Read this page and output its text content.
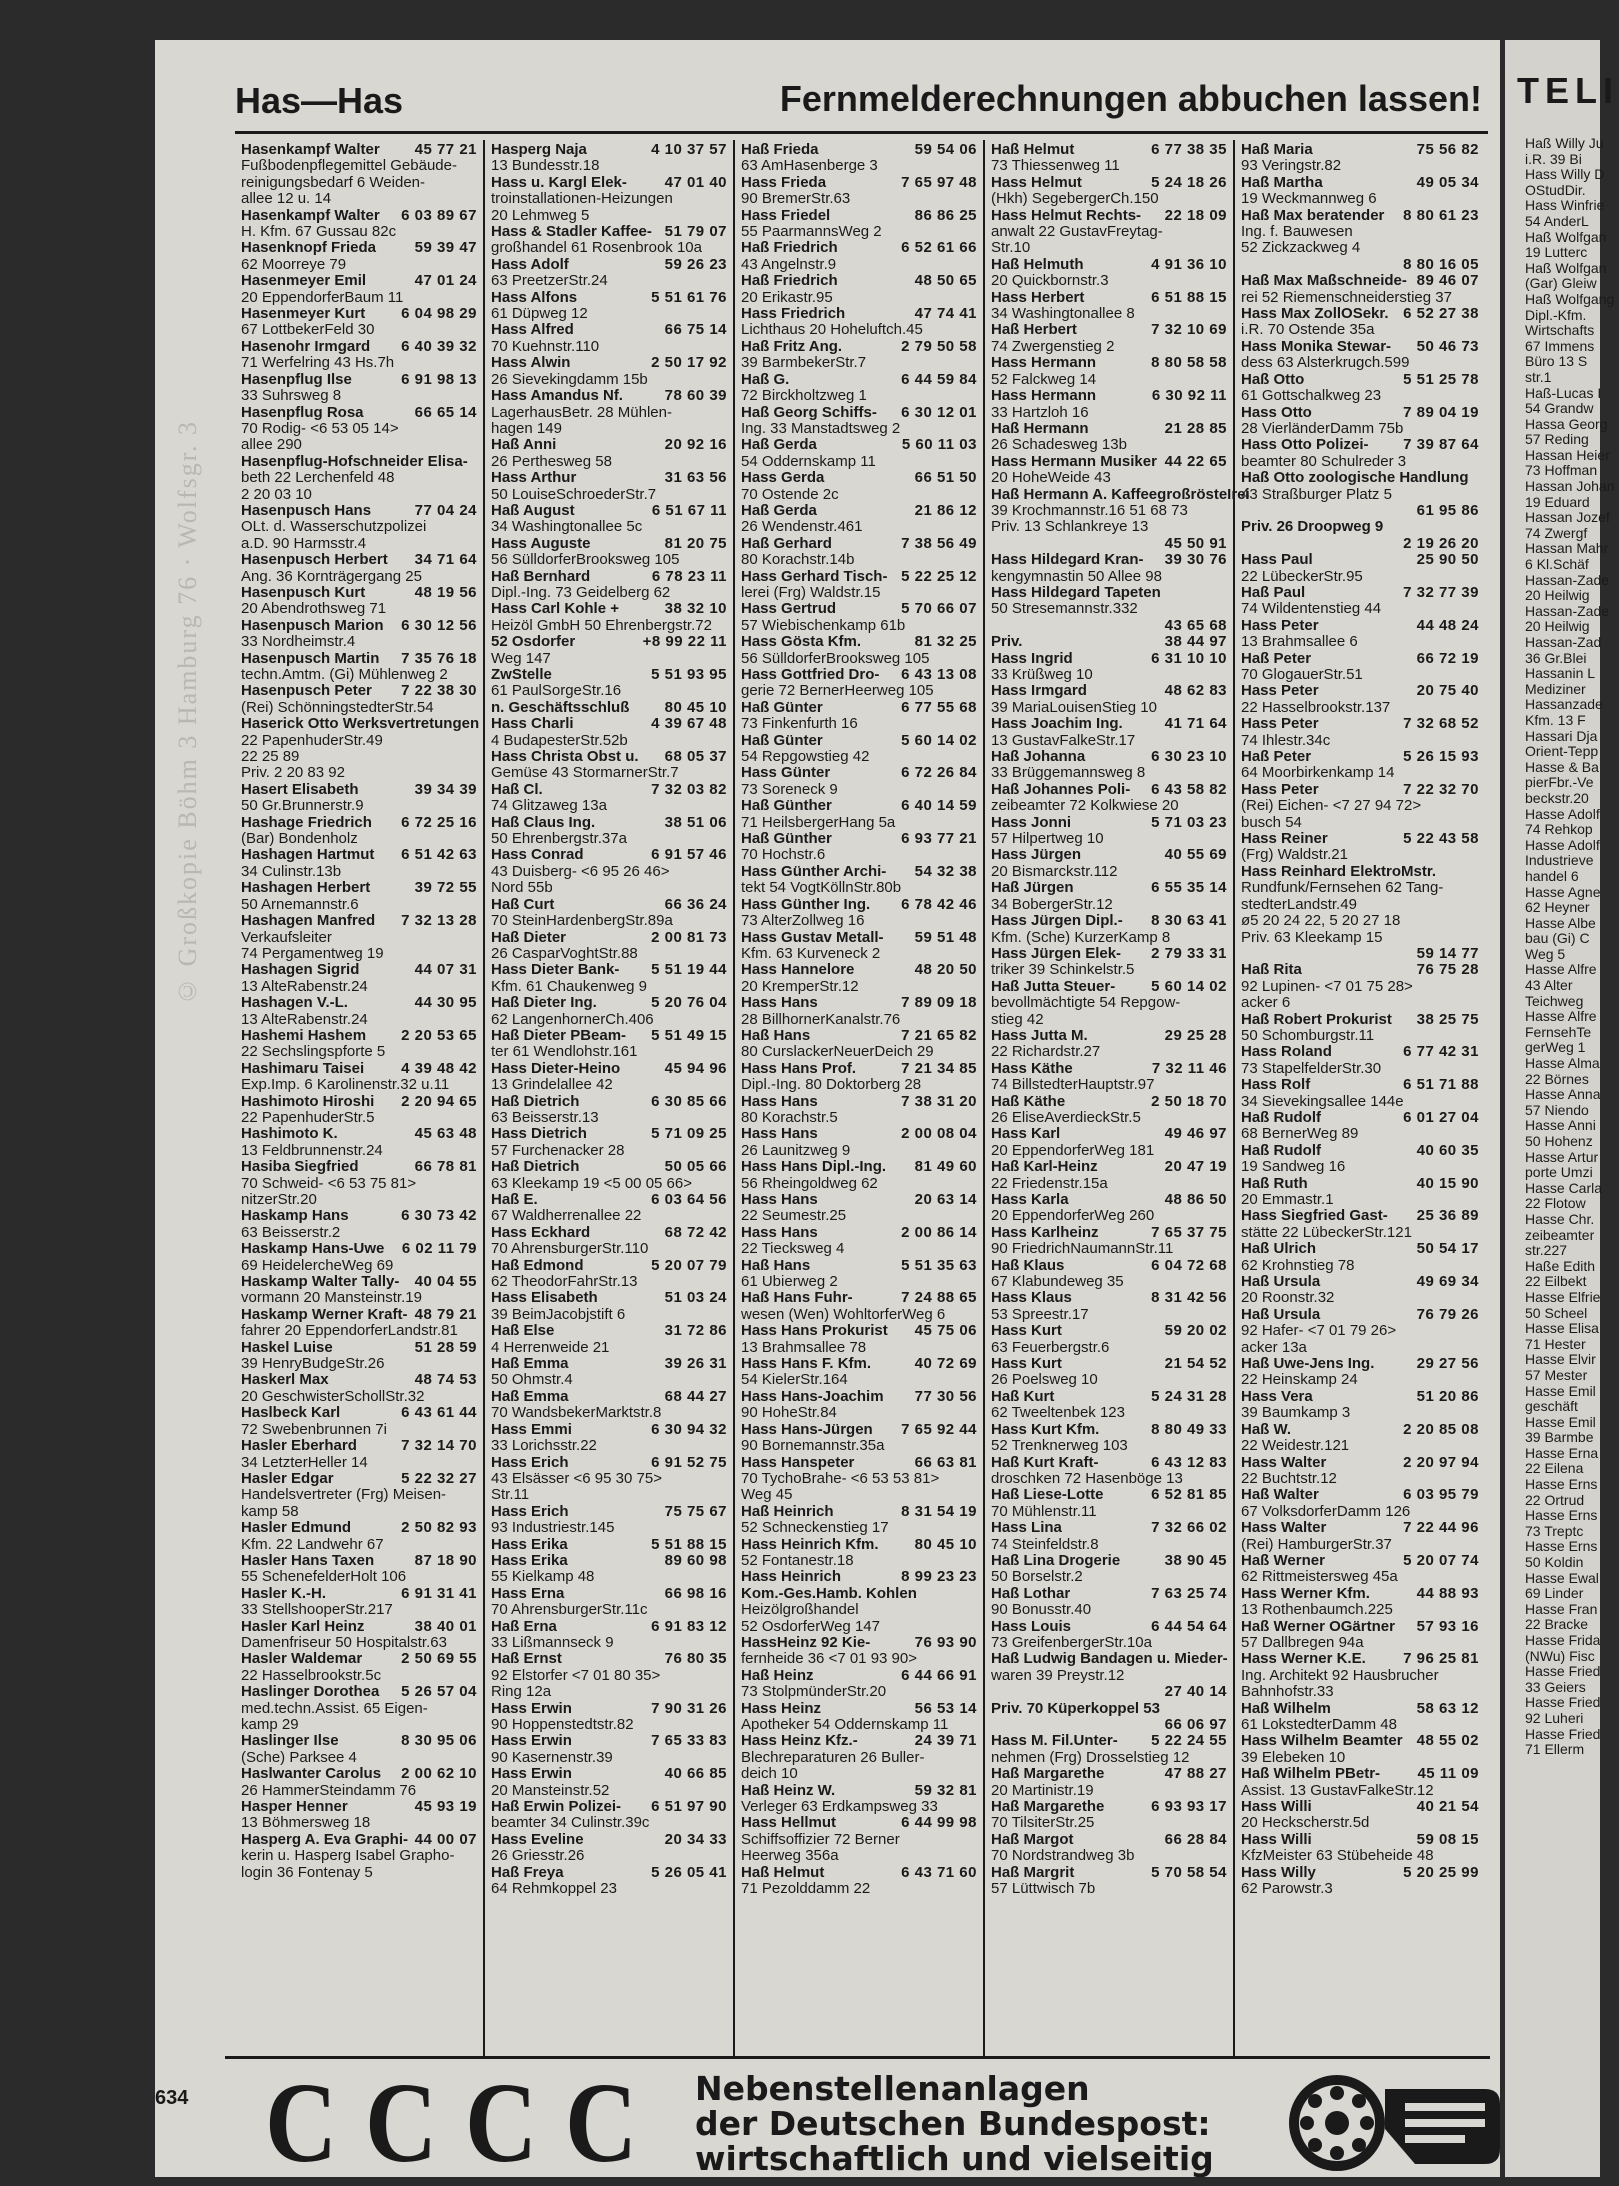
© Großkopie Böhm 3 Hamburg 76 · Wolfsgr. 3
Has—Has	Fernmelderechnungen abbuchen lassen!
Hasenkampf Walter 45 77 21
Fußbodenpflegemittel Gebäude-
reinigungsbedarf 6 Weiden-
allee 12 u. 14
Hasenkampf Walter 6 03 89 67
H. Kfm. 67 Gussau 82c
Hasenknopf Frieda	59 39 47
62 Moorreye 79
Hasenmeyer Emil	47 01 24
20 EppendorferBaum 11
Hasenmeyer Kurt 6 04 98 29
67 LottbekerFeld 30
Hasenohr Irmgard 6 40 39 32
71 Werfelring 43 Hs.7h
Hasenpflug Ilse	6 91 98 13
33 Suhrsweg 8
Hasenpflug Rosa	66 65 14
70 Rodig- <6 53 05 14>
allee 290
Hasenpflug-Hofschneider Elisa-
beth 22 Lerchenfeld 48
2 20 03 10
Hasenpusch Hans	77 04 24
OLt. d. Wasserschutzpolizei
a.D. 90 Harmsstr.4
Hasenpusch Herbert 34 71 64
Ang. 36 Kornträgergang 25
Hasenpusch Kurt	48 19 56
20 Abendrothsweg 71
Hasenpusch Marion 6 30 12 56
33 Nordheimstr.4
Hasenpusch Martin 7 35 76 18
techn.Amtm. (Gi) Mühlenweg 2
Hasenpusch Peter 7 22 38 30
(Rei) SchönningstedterStr.54
Haserick Otto Werksvertretungen
22 PapenhuderStr.49
22 25 89
Priv. 2 20 83 92
Hasert Elisabeth	39 34 39
50 Gr.Brunnerstr.9
Hashage Friedrich 6 72 25 16
(Bar) Bondenholz
Hashagen Hartmut 6 51 42 63
34 Culinstr.13b
Hashagen Herbert	39 72 55
50 Arnemannstr.6
Hashagen Manfred 7 32 13 28
Verkaufsleiter
74 Pergamentweg 19
Hashagen Sigrid	44 07 31
13 AlteRabenstr.24
Hashagen V.-L.	44 30 95
13 AlteRabenstr.24
Hashemi Hashem 2 20 53 65
22 Sechslingspforte 5
Hashimaru Taisei 4 39 48 42
Exp.Imp. 6 Karolinenstr.32 u.11
Hashimoto Hiroshi 2 20 94 65
22 PapenhuderStr.5
Hashimoto K.	45 63 48
13 Feldbrunnenstr.24
Hasiba Siegfried	66 78 81
70 Schweid- <6 53 75 81>
nitzerStr.20
Haskamp Hans	6 30 73 42
63 Beisserstr.2
Haskamp Hans-Uwe 6 02 11 79
69 HeidelercheWeg 69
Haskamp Walter Tally- 40 04 55
vormann 20 Mansteinstr.19
Haskamp Werner Kraft- 48 79 21
fahrer 20 EppendorferLandstr.81
Haskel Luise	51 28 59
39 HenryBudgeStr.26
Haskerl Max	48 74 53
20 GeschwisterSchollStr.32
Haslbeck Karl	6 43 61 44
72 Swebenbrunnen 7i
Hasler Eberhard	7 32 14 70
34 LetzterHeller 14
Hasler Edgar	5 22 32 27
Handelsvertreter (Frg) Meisen-
kamp 58
Hasler Edmund	2 50 82 93
Kfm. 22 Landwehr 67
Hasler Hans Taxen	87 18 90
55 SchenefelderHolt 106
Hasler K.-H.	6 91 31 41
33 StellshooperStr.217
Hasler Karl Heinz	38 40 01
Damenfriseur 50 Hospitalstr.63
Hasler Waldemar	2 50 69 55
22 Hasselbrookstr.5c
Haslinger Dorothea 5 26 57 04
med.techn.Assist. 65 Eigen-
kamp 29
Haslinger Ilse	8 30 95 06
(Sche) Parksee 4
Haslwanter Carolus 2 00 62 10
26 HammerSteindamm 76
Hasper Henner	45 93 19
13 Böhmersweg 18
Hasperg A. Eva Graphi- 44 00 07
kerin u. Hasperg Isabel Grapho-
login 36 Fontenay 5
Hasperg Naja	4 10 37 57
13 Bundesstr.18
Hass u. Kargl Elek-	47 01 40
troinstallationen-Heizungen
20 Lehmweg 5
Hass & Stadler Kaffee- 51 79 07
großhandel 61 Rosenbrook 10a
Hass Adolf	59 26 23
63 PreetzerStr.24
Hass Alfons	5 51 61 76
61 Düpweg 12
Hass Alfred	66 75 14
70 Kuehnstr.110
Hass Alwin	2 50 17 92
26 Sievekingdamm 15b
Hass Amandus Nf.	78 60 39
LagerhausBetr. 28 Mühlen-
hagen 149
Haß Anni	20 92 16
26 Perthesweg 58
Hass Arthur	31 63 56
50 LouiseSchroederStr.7
Haß August	6 51 67 11
34 Washingtonallee 5c
Hass Auguste	81 20 75
56 SülldorferBrooksweg 105
Haß Bernhard	6 78 23 11
Dipl.-Ing. 73 Geidelberg 62
Hass Carl Kohle +	38 32 10
Heizöl GmbH 50 Ehrenbergstr.72
52 Osdorfer	+8 99 22 11
Weg 147
ZwStelle	5 51 93 95
61 PaulSorgeStr.16
n. Geschäftsschluß 80 45 10
Hass Charli	4 39 67 48
4 BudapesterStr.52b
Hass Christa Obst u. 68 05 37
Gemüse 43 StormarnerStr.7
Haß Cl.	7 32 03 82
74 Glitzaweg 13a
Haß Claus Ing.	38 51 06
50 Ehrenbergstr.37a
Hass Conrad	6 91 57 46
43 Duisberg- <6 95 26 46>
Nord 55b
Haß Curt	66 36 24
70 SteinHardenbergStr.89a
Haß Dieter	2 00 81 73
26 CasparVoghtStr.88
Hass Dieter Bank- 5 51 19 44
Kfm. 61 Chaukenweg 9
Haß Dieter Ing.	5 20 76 04
62 LangenhornerCh.406
Haß Dieter PBeam- 5 51 49 15
ter 61 Wendlohstr.161
Hass Dieter-Heino	45 94 96
13 Grindelallee 42
Haß Dietrich	6 30 85 66
63 Beisserstr.13
Hass Dietrich	5 71 09 25
57 Furchenacker 28
Haß Dietrich	50 05 66
63 Kleekamp 19 <5 00 05 66>
Haß E.	6 03 64 56
67 Waldherrenallee 22
Hass Eckhard	68 72 42
70 AhrensburgerStr.110
Haß Edmond	5 20 07 79
62 TheodorFahrStr.13
Hass Elisabeth	51 03 24
39 BeimJacobjstift 6
Haß Else	31 72 86
4 Herrenweide 21
Haß Emma	39 26 31
50 Ohmstr.4
Haß Emma	68 44 27
70 WandsbekerMarktstr.8
Hass Emmi	6 30 94 32
33 Lorichsstr.22
Hass Erich	6 91 52 75
43 Elsässer <6 95 30 75>
Str.11
Hass Erich	75 75 67
93 Industriestr.145
Hass Erika	5 51 88 15
Hass Erika	89 60 98
55 Kielkamp 48
Hass Erna	66 98 16
70 AhrensburgerStr.11c
Haß Erna	6 91 83 12
33 Lißmannseck 9
Haß Ernst	76 80 35
92 Elstorfer <7 01 80 35>
Ring 12a
Hass Erwin	7 90 31 26
90 Hoppenstedtstr.82
Hass Erwin	7 65 33 83
90 Kasernenstr.39
Hass Erwin	40 66 85
20 Mansteinstr.52
Haß Erwin Polizei- 6 51 97 90
beamter 34 Culinstr.39c
Hass Eveline	20 34 33
26 Griesstr.26
Haß Freya	5 26 05 41
64 Rehmkoppel 23
Haß Frieda	59 54 06
63 AmHasenberge 3
Hass Frieda	7 65 97 48
90 BremerStr.63
Hass Friedel	86 86 25
55 PaarmannsWeg 2
Haß Friedrich	6 52 61 66
43 Angelnstr.9
Haß Friedrich	48 50 65
20 Erikastr.95
Hass Friedrich	47 74 41
Lichthaus 20 Hoheluftch.45
Haß Fritz Ang.	2 79 50 58
39 BarmbekerStr.7
Haß G.	6 44 59 84
72 Birckholtzweg 1
Haß Georg Schiffs- 6 30 12 01
Ing. 33 Manstadtsweg 2
Haß Gerda	5 60 11 03
54 Oddernskamp 11
Hass Gerda	66 51 50
70 Ostende 2c
Haß Gerda	21 86 12
26 Wendenstr.461
Haß Gerhard	7 38 56 49
80 Korachstr.14b
Hass Gerhard Tisch- 5 22 25 12
lerei (Frg) Waldstr.15
Hass Gertrud	5 70 66 07
57 Wiebischenkamp 61b
Hass Gösta Kfm.	81 32 25
56 SülldorferBrooksweg 105
Hass Gottfried Dro- 6 43 13 08
gerie 72 BernerHeerweg 105
Haß Günter	6 77 55 68
73 Finkenfurth 16
Haß Günter	5 60 14 02
54 Repgowstieg 42
Hass Günter	6 72 26 84
73 Soreneck 9
Haß Günther	6 40 14 59
71 HeilsbergerHang 5a
Haß Günther	6 93 77 21
70 Hochstr.6
Hass Günther Archi- 54 32 38
tekt 54 VogtKöllnStr.80b
Hass Günther Ing. 6 78 42 46
73 AlterZollweg 16
Hass Gustav Metall- 59 51 48
Kfm. 63 Kurveneck 2
Hass Hannelore	48 20 50
20 KremperStr.12
Hass Hans	7 89 09 18
28 BillhornerKanalstr.76
Haß Hans	7 21 65 82
80 CurslackerNeuerDeich 29
Hass Hans Prof.	7 21 34 85
Dipl.-Ing. 80 Doktorberg 28
Hass Hans	7 38 31 20
80 Korachstr.5
Hass Hans	2 00 08 04
26 Launitzweg 9
Hass Hans Dipl.-Ing. 81 49 60
56 Rheingoldweg 62
Hass Hans	20 63 14
22 Seumestr.25
Hass Hans	2 00 86 14
22 Tiecksweg 4
Haß Hans	5 51 35 63
61 Ubierweg 2
Haß Hans Fuhr-	7 24 88 65
wesen (Wen) WohltorferWeg 6
Hass Hans Prokurist 45 75 06
13 Brahmsallee 78
Hass Hans F. Kfm.	40 72 69
54 KielerStr.164
Hass Hans-Joachim 77 30 56
90 HoheStr.84
Hass Hans-Jürgen 7 65 92 44
90 Bornemannstr.35a
Hass Hanspeter	66 63 81
70 TychoBrahe- <6 53 53 81>
Weg 45
Haß Heinrich	8 31 54 19
52 Schneckenstieg 17
Hass Heinrich Kfm. 80 45 10
52 Fontanestr.18
Hass Heinrich	8 99 23 23
Kom.-Ges.Hamb. Kohlen
Heizölgroßhandel
52 OsdorferWeg 147
HassHeinz 92 Kie-	76 93 90
fernheide 36 <7 01 93 90>
Haß Heinz	6 44 66 91
73 StolpmünderStr.20
Hass Heinz	56 53 14
Apotheker 54 Oddernskamp 11
Hass Heinz Kfz.-	24 39 71
Blechreparaturen 26 Buller-
deich 10
Haß Heinz W.	59 32 81
Verleger 63 Erdkampsweg 33
Hass Hellmut	6 44 99 98
Schiffsoffizier 72 Berner
Heerweg 356a
Haß Helmut	6 43 71 60
71 Pezolddamm 22
Haß Helmut	6 77 38 35
73 Thiessenweg 11
Hass Helmut	5 24 18 26
(Hkh) SegebergerCh.150
Hass Helmut Rechts- 22 18 09
anwalt 22 GustavFreytag-
Str.10
Haß Helmuth	4 91 36 10
20 Quickbornstr.3
Hass Herbert	6 51 88 15
34 Washingtonallee 8
Haß Herbert	7 32 10 69
74 Zwergenstieg 2
Hass Hermann	8 80 58 58
52 Falckweg 14
Hass Hermann	6 30 92 11
33 Hartzloh 16
Haß Hermann	21 28 85
26 Schadesweg 13b
Hass Hermann Musiker 44 22 65
20 HoheWeide 43
Haß Hermann A. KaffeegroßrösteIrei
39 Krochmannstr.16 51 68 73
Priv. 13 Schlankreye 13
45 50 91
Hass Hildegard Kran- 39 30 76
kengymnastin 50 Allee 98
Hass Hildegard Tapeten
50 Stresemannstr.332
43 65 68
Priv.	38 44 97
Hass Ingrid	6 31 10 10
33 Krüßweg 10
Hass Irmgard	48 62 83
39 MariaLouisenStieg 10
Hass Joachim Ing.	41 71 64
13 GustavFalkeStr.17
Haß Johanna	6 30 23 10
33 Brüggemannsweg 8
Haß Johannes Poli- 6 43 58 82
zeibeamter 72 Kolkwiese 20
Hass Jonni	5 71 03 23
57 Hilpertweg 10
Hass Jürgen	40 55 69
20 Bismarckstr.112
Haß Jürgen	6 55 35 14
34 BobergerStr.12
Hass Jürgen Dipl.- 8 30 63 41
Kfm. (Sche) KurzerKamp 8
Hass Jürgen Elek- 2 79 33 31
triker 39 Schinkelstr.5
Haß Jutta Steuer- 5 60 14 02
bevollmächtigte 54 Repgow-
stieg 42
Hass Jutta M.	29 25 28
22 Richardstr.27
Hass Käthe	7 32 11 46
74 BillstedterHauptstr.97
Haß Käthe	2 50 18 70
26 EliseAverdieckStr.5
Hass Karl	49 46 97
20 EppendorferWeg 181
Haß Karl-Heinz	20 47 19
22 Friedenstr.15a
Hass Karla	48 86 50
20 EppendorferWeg 260
Hass Karlheinz	7 65 37 75
90 FriedrichNaumannStr.11
Haß Klaus	6 04 72 68
67 Klabundeweg 35
Hass Klaus	8 31 42 56
53 Spreestr.17
Hass Kurt	59 20 02
63 Feuerbergstr.6
Hass Kurt	21 54 52
26 Poelsweg 10
Haß Kurt	5 24 31 28
62 Tweeltenbek 123
Hass Kurt Kfm.	8 80 49 33
52 Trenknerweg 103
Haß Kurt Kraft-	6 43 12 83
droschken 72 Hasenböge 13
Haß Liese-Lotte	6 52 81 85
70 Mühlenstr.11
Hass Lina	7 32 66 02
74 Steinfeldstr.8
Haß Lina Drogerie	38 90 45
50 Borselstr.2
Haß Lothar	7 63 25 74
90 Bonusstr.40
Hass Louis	6 44 54 64
73 GreifenbergerStr.10a
Haß Ludwig Bandagen u. Mieder-
waren 39 Preystr.12
27 40 14
Priv. 70 Küperkoppel 53
66 06 97
Hass M. Fil.Unter- 5 22 24 55
nehmen (Frg) Drosselstieg 12
Haß Margarethe	47 88 27
20 Martinistr.19
Haß Margarethe	6 93 93 17
70 TilsiterStr.25
Haß Margot	66 28 84
70 Nordstrandweg 3b
Haß Margrit	5 70 58 54
57 Lüttwisch 7b
Haß Maria	75 56 82
93 Veringstr.82
Haß Martha	49 05 34
19 Weckmannweg 6
Haß Max beratender 8 80 61 23
Ing. f. Bauwesen
52 Zickzackweg 4
8 80 16 05
Haß Max Maßschneide- 89 46 07
rei 52 Riemenschneiderstieg 37
Hass Max ZollOSekr. 6 52 27 38
i.R. 70 Ostende 35a
Hass Monika Stewar- 50 46 73
dess 63 Alsterkrugch.599
Haß Otto	5 51 25 78
61 Gottschalkweg 23
Hass Otto	7 89 04 19
28 VierländerDamm 75b
Hass Otto Polizei- 7 39 87 64
beamter 80 Schulreder 3
Haß Otto zoologische Handlung
43 Straßburger Platz 5
61 95 86
Priv. 26 Droopweg 9
2 19 26 20
Hass Paul	25 90 50
22 LübeckerStr.95
Haß Paul	7 32 77 39
74 Wildentenstieg 44
Hass Peter	44 48 24
13 Brahmsallee 6
Haß Peter	66 72 19
70 GlogauerStr.51
Hass Peter	20 75 40
22 Hasselbrookstr.137
Hass Peter	7 32 68 52
74 Ihlestr.34c
Haß Peter	5 26 15 93
64 Moorbirkenkamp 14
Hass Peter	7 22 32 70
(Rei) Eichen- <7 27 94 72>
busch 54
Hass Reiner	5 22 43 58
(Frg) Waldstr.21
Hass Reinhard ElektroMstr.
Rundfunk/Fernsehen 62 Tang-
stedterLandstr.49
ø5 20 24 22, 5 20 27 18
Priv. 63 Kleekamp 15
59 14 77
Haß Rita	76 75 28
92 Lupinen- <7 01 75 28>
acker 6
Haß Robert Prokurist 38 25 75
50 Schomburgstr.11
Hass Roland	6 77 42 31
73 StapelfelderStr.30
Hass Rolf	6 51 71 88
34 Sievekingsallee 144e
Haß Rudolf	6 01 27 04
68 BernerWeg 89
Haß Rudolf	40 60 35
19 Sandweg 16
Haß Ruth	40 15 90
20 Emmastr.1
Hass Siegfried Gast- 25 36 89
stätte 22 LübeckerStr.121
Haß Ulrich	50 54 17
62 Krohnstieg 78
Haß Ursula	49 69 34
20 Roonstr.32
Haß Ursula	76 79 26
92 Hafer- <7 01 79 26>
acker 13a
Haß Uwe-Jens Ing.	29 27 56
22 Heinskamp 24
Hass Vera	51 20 86
39 Baumkamp 3
Haß W.	2 20 85 08
22 Weidestr.121
Hass Walter	2 20 97 94
22 Buchtstr.12
Haß Walter	6 03 95 79
67 VolksdorferDamm 126
Hass Walter	7 22 44 96
(Rei) HamburgerStr.37
Haß Werner	5 20 07 74
62 Rittmeistersweg 45a
Hass Werner Kfm.	44 88 93
13 Rothenbaumch.225
Haß Werner OGärtner 57 93 16
57 Dallbregen 94a
Hass Werner K.E. 7 96 25 81
Ing. Architekt 92 Hausbrucher
Bahnhofstr.33
Haß Wilhelm	58 63 12
61 LokstedterDamm 48
Hass Wilhelm Beamter 48 55 02
39 Elebeken 10
Haß Wilhelm PBetr- 45 11 09
Assist. 13 GustavFalkeStr.12
Hass Willi	40 21 54
20 Heckscherstr.5d
Hass Willi	59 08 15
KfzMeister 63 Stübeheide 48
Hass Willy	5 20 25 99
62 Parowstr.3
C C C C Nebenstellenanlagen
der Deutschen Bundespost:
wirtschaftlich und vielseitig
634
TELI
Haß Willy Ju
i.R. 39 Bi
Hass Willy D
OStudDir.
Hass Winfrie
54 AnderL
Haß Wolfgan
19 Lutterc
Haß Wolfgan
(Gar) Gleiw
Haß Wolfgang
Dipl.-Kfm.
Wirtschafts
67 Immens
Büro 13 S
str.1
Haß-Lucas I
54 Grandw
Hassa Georg
57 Reding
Hassan Heier
73 Hoffman
Hassan Johan
19 Eduard
Hassan Jozef
74 Zwergf
Hassan Mahr
6 Kl.Schäf
Hassan-Zade
20 Heilwig
Hassan-Zade
20 Heilwig
Hassan-Zad
36 Gr.Blei
Hassanin L
Mediziner
Hassanzade
Kfm. 13 F
Hassari Dja
Orient-Tepp
Hasse & Ba
pierFbr.-Ve
beckstr.20
Hasse Adolf
74 Rehkop
Hasse Adolf
Industrieve
handel 6
Hasse Agne
62 Heyner
Hasse Albe
bau (Gi) C
Weg 5
Hasse Alfre
43 Alter
Teichweg
Hasse Alfre
FernsehTe
gerWeg 1
Hasse Alma
22 Börnes
Hasse Anna
57 Niendo
Hasse Anni
50 Hohenz
Hasse Artur
porte Umzi
Hasse Carla
22 Flotow
Hasse Chr.
zeibeamter
str.227
Haße Edith
22 Eilbekt
Hasse Elfrie
50 Scheel
Hasse Elisa
71 Hester
Hasse Elvir
57 Mester
Hasse Emil
geschäft
Hasse Emil
39 Barmbe
Hasse Erna
22 Eilena
Hasse Erns
22 Ortrud
Hasse Erns
73 Treptc
Hasse Erns
50 Koldin
Hasse Ewal
69 Linder
Hasse Fran
22 Bracke
Hasse Frida
(NWu) Fisc
Hasse Fried
33 Geiers
Hasse Fried
92 Luheri
Hasse Fried
71 Ellerm
